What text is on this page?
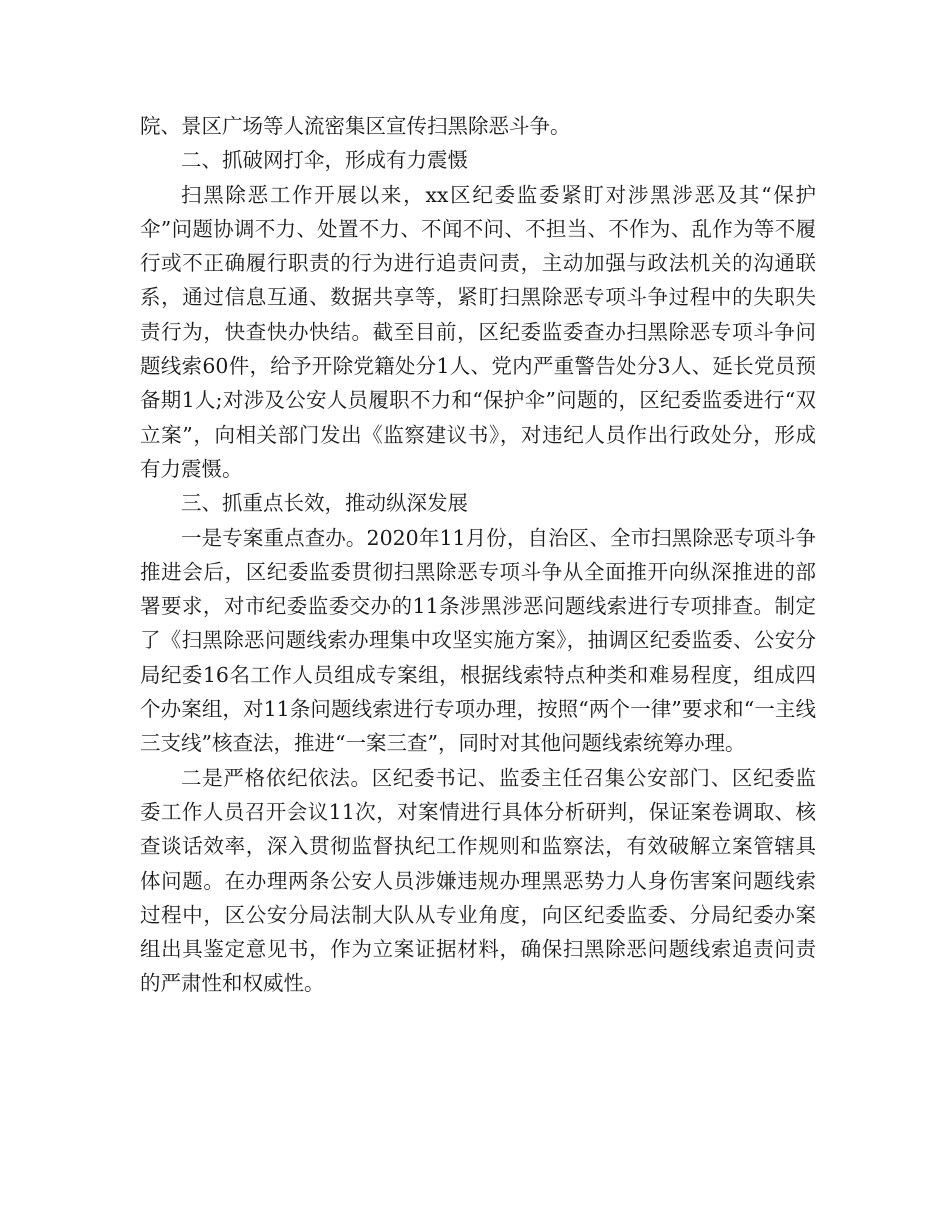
院、景区广场等人流密集区宣传扫黑除恶斗争。

二、抓破网打伞，形成有力震慑

扫黑除恶工作开展以来，xx区纪委监委紧盯对涉黑涉恶及其“保护伞”问题协调不力、处置不力、不闻不问、不担当、不作为、乱作为等不履行或不正确履行职责的行为进行追责问责，主动加强与政法机关的沟通联系，通过信息互通、数据共享等，紧盯扫黑除恶专项斗争过程中的失职失责行为，快查快办快结。截至目前，区纪委监委查办扫黑除恶专项斗争问题线索60件，给予开除党籍处分1人、党内严重警告处分3人、延长党员预备期1人;对涉及公安人员履职不力和“保护伞”问题的，区纪委监委进行“双立案”，向相关部门发出《监察建议书》，对违纪人员作出行政处分，形成有力震慑。

三、抓重点长效，推动纵深发展

一是专案重点查办。2020年11月份，自治区、全市扫黑除恶专项斗争推进会后，区纪委监委贯彻扫黑除恶专项斗争从全面推开向纵深推进的部署要求，对市纪委监委交办的11条涉黑涉恶问题线索进行专项排查。制定了《扫黑除恶问题线索办理集中攻坚实施方案》，抽调区纪委监委、公安分局纪委16名工作人员组成专案组，根据线索特点种类和难易程度，组成四个办案组，对11条问题线索进行专项办理，按照“两个一律”要求和“一主线三支线”核查法，推进“一案三查”，同时对其他问题线索统筹办理。

二是严格依纪依法。区纪委书记、监委主任召集公安部门、区纪委监委工作人员召开会议11次，对案情进行具体分析研判，保证案卷调取、核查谈话效率，深入贯彻监督执纪工作规则和监察法，有效破解立案管辖具体问题。在办理两条公安人员涉嫌违规办理黑恶势力人身伤害案问题线索过程中，区公安分局法制大队从专业角度，向区纪委监委、分局纪委办案组出具鉴定意见书，作为立案证据材料，确保扫黑除恶问题线索追责问责的严肃性和权威性。
